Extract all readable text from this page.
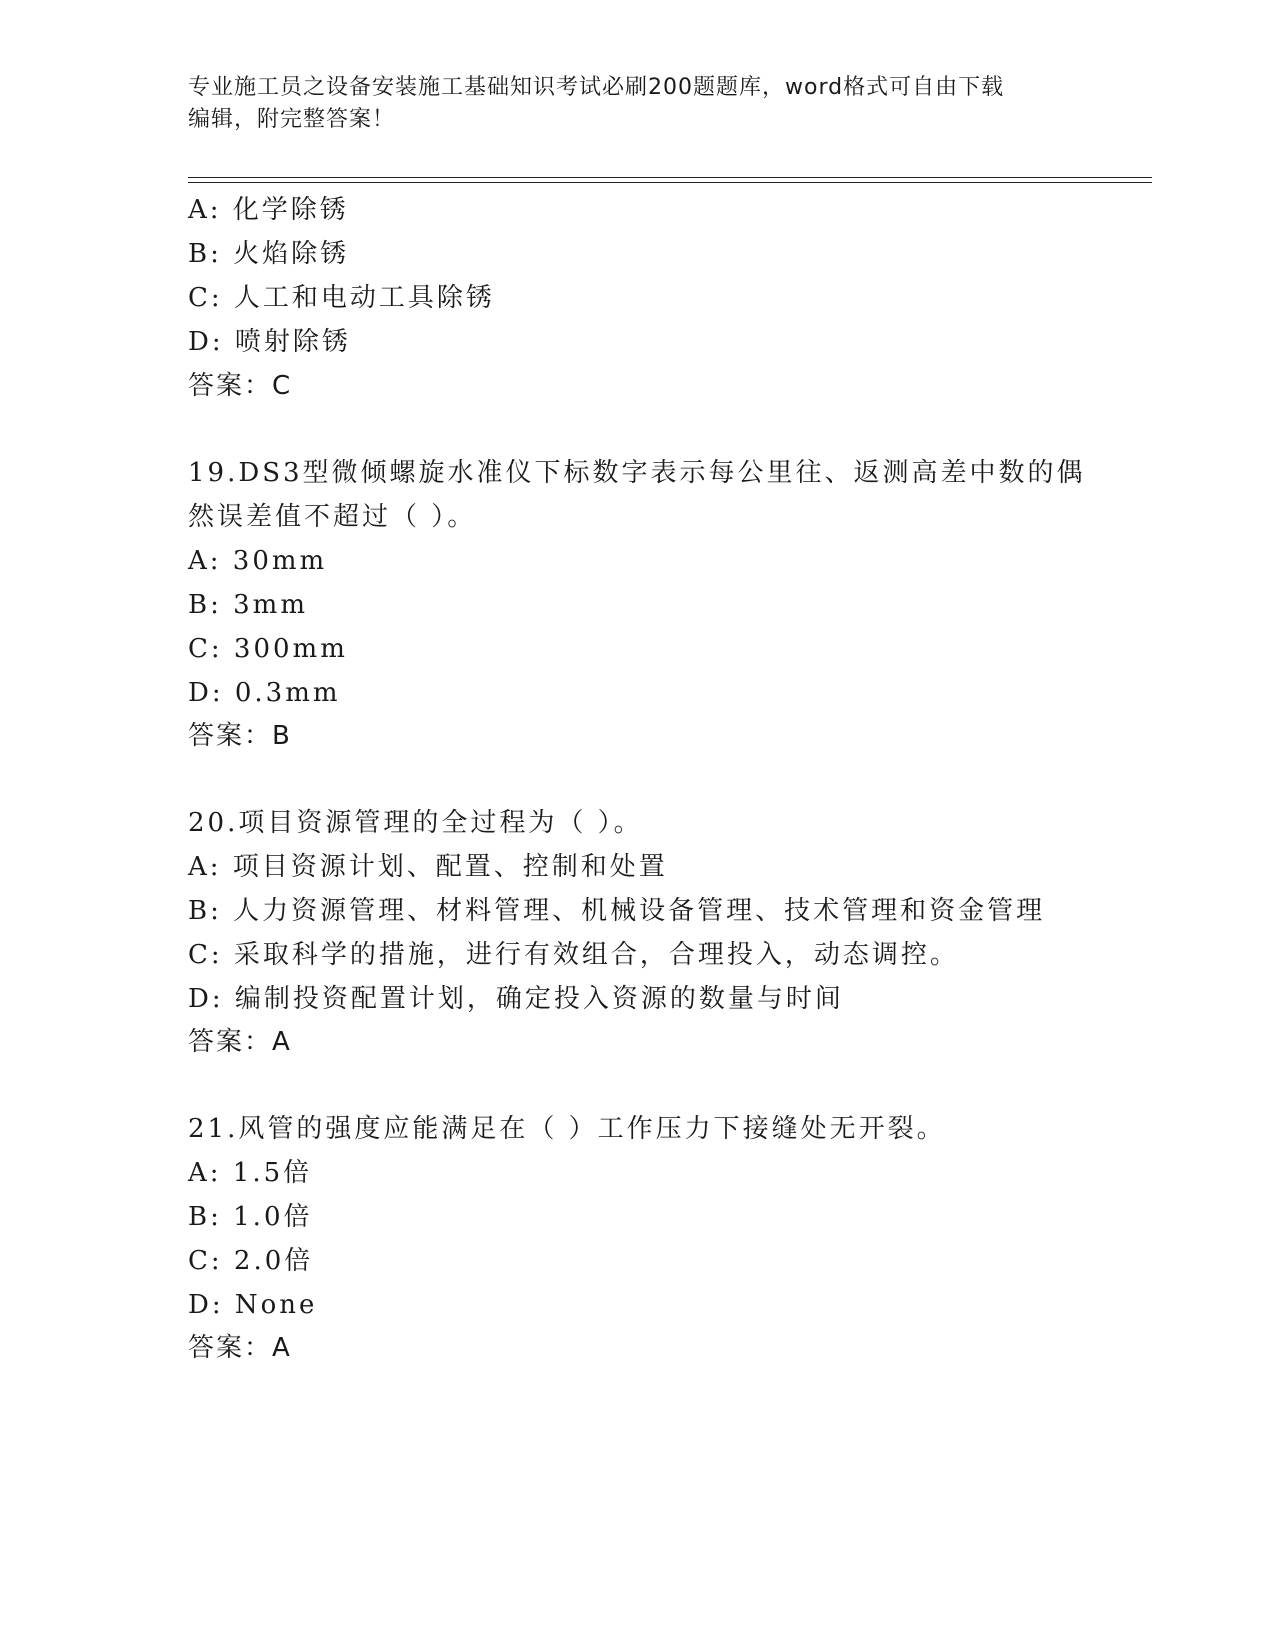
专业施工员之设备安装施工基础知识考试必刷200题题库，word格式可自由下载
编辑，附完整答案！
A: 化学除锈
B: 火焰除锈
C: 人工和电动工具除锈
D: 喷射除锈
答案：C
19.DS3型微倾螺旋水准仪下标数字表示每公里往、返测高差中数的偶
然误差值不超过（ ）。
A: 30mm
B: 3mm
C: 300mm
D: 0.3mm
答案：B
20.项目资源管理的全过程为（ ）。
A: 项目资源计划、配置、控制和处置
B: 人力资源管理、材料管理、机械设备管理、技术管理和资金管理
C: 采取科学的措施，进行有效组合，合理投入，动态调控。
D: 编制投资配置计划，确定投入资源的数量与时间
答案：A
21.风管的强度应能满足在（ ）工作压力下接缝处无开裂。
A: 1.5倍
B: 1.0倍
C: 2.0倍
D: None
答案：A
